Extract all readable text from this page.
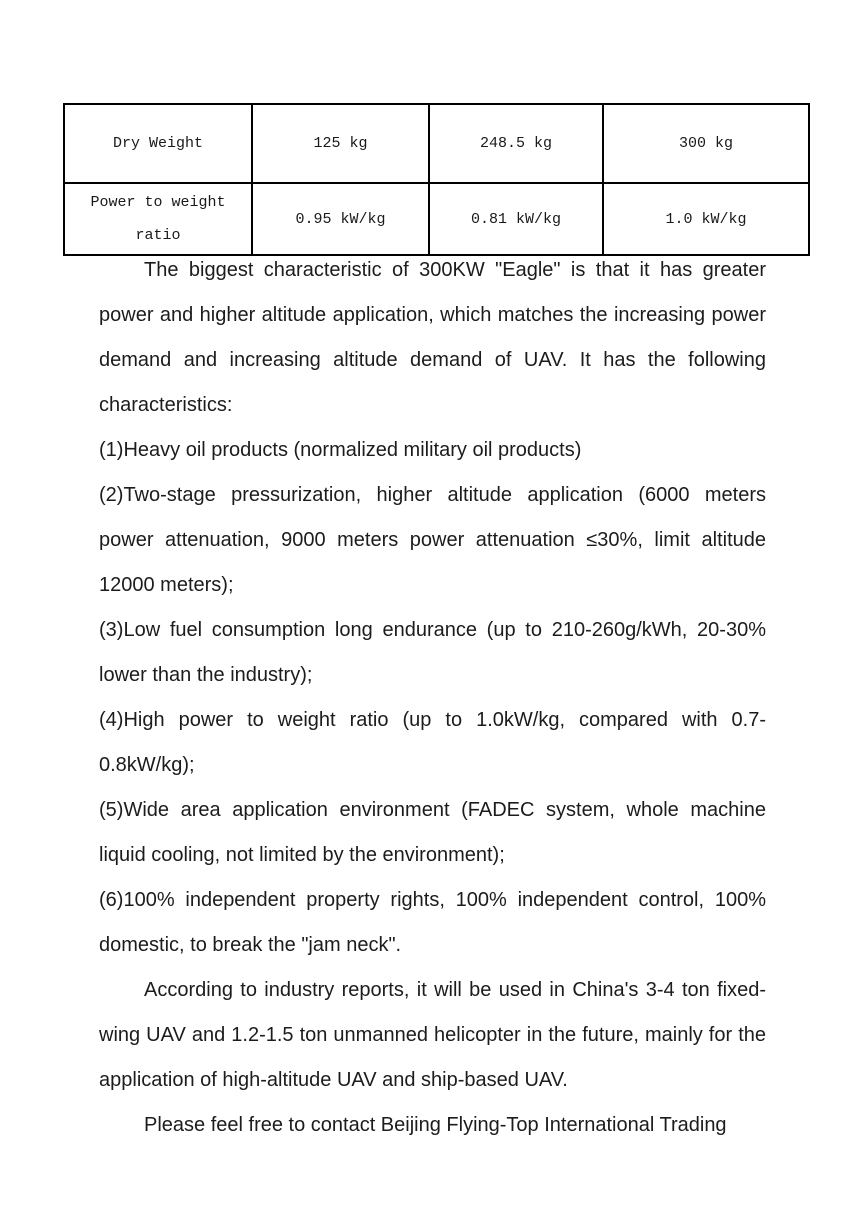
Dry Weight	125 kg	248.5 kg	300 kg
Power to weight ratio	0.95 kW/kg	0.81 kW/kg	1.0 kW/kg

The biggest characteristic of 300KW "Eagle" is that it has greater power and higher altitude application, which matches the increasing power demand and increasing altitude demand of UAV. It has the following characteristics:

(1)Heavy oil products (normalized military oil products)

(2)Two-stage pressurization, higher altitude application (6000 meters power attenuation, 9000 meters power attenuation ≤30%, limit altitude 12000 meters);

(3)Low fuel consumption long endurance (up to 210-260g/kWh, 20-30% lower than the industry);

(4)High power to weight ratio (up to 1.0kW/kg, compared with 0.7-0.8kW/kg);

(5)Wide area application environment (FADEC system, whole machine liquid cooling, not limited by the environment);

(6)100% independent property rights, 100% independent control, 100% domestic, to break the "jam neck".

According to industry reports, it will be used in China's 3-4 ton fixed-wing UAV and 1.2-1.5 ton unmanned helicopter in the future, mainly for the application of high-altitude UAV and ship-based UAV.

Please feel free to contact Beijing Flying-Top International Trading
